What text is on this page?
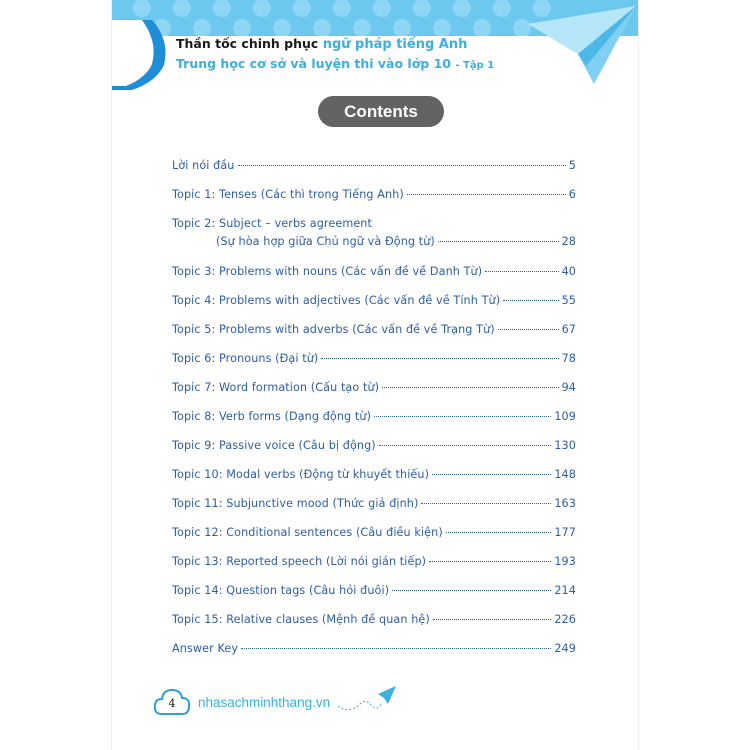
Thần tốc chinh phục ngữ pháp tiếng Anh
Trung học cơ sở và luyện thi vào lớp 10 - Tập 1
Contents
Lời nói đầu	5
Topic 1: Tenses (Các thì trong Tiếng Anh)	6
Topic 2: Subject – verbs agreement
(Sự hòa hợp giữa Chủ ngữ và Động từ)	28
Topic 3: Problems with nouns (Các vấn đề về Danh Từ)	40
Topic 4: Problems with adjectives (Các vấn đề về Tính Từ)	55
Topic 5: Problems with adverbs (Các vấn đề về Trạng Từ)	67
Topic 6: Pronouns (Đại từ)	78
Topic 7: Word formation (Cấu tạo từ)	94
Topic 8: Verb forms (Dạng động từ)	109
Topic 9: Passive voice (Câu bị động)	130
Topic 10: Modal verbs (Động từ khuyết thiếu)	148
Topic 11: Subjunctive mood (Thức giả định)	163
Topic 12: Conditional sentences (Câu điều kiện)	177
Topic 13: Reported speech (Lời nói gián tiếp)	193
Topic 14: Question tags (Câu hỏi đuôi)	214
Topic 15: Relative clauses (Mệnh đề quan hệ)	226
Answer Key	249
4	nhasachminhthang.vn
